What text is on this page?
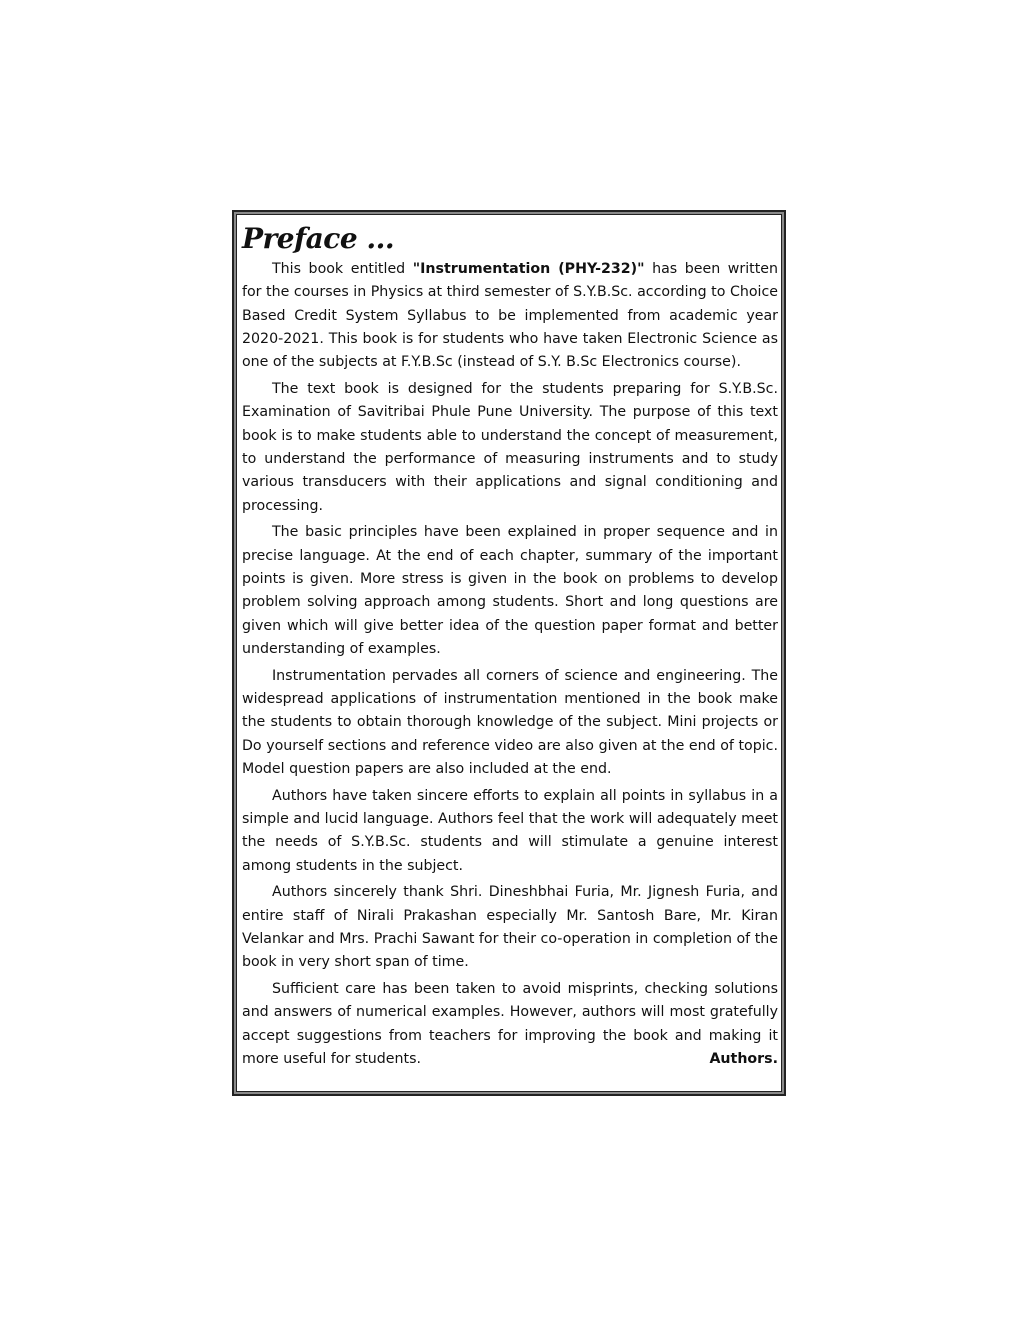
Preface ...

This book entitled "Instrumentation (PHY-232)" has been written for the courses in Physics at third semester of S.Y.B.Sc. according to Choice Based Credit System Syllabus to be implemented from academic year 2020-2021. This book is for students who have taken Electronic Science as one of the subjects at F.Y.B.Sc (instead of S.Y. B.Sc Electronics course).

The text book is designed for the students preparing for S.Y.B.Sc. Examination of Savitribai Phule Pune University. The purpose of this text book is to make students able to understand the concept of measurement, to understand the performance of measuring instruments and to study various transducers with their applications and signal conditioning and processing.

The basic principles have been explained in proper sequence and in precise language. At the end of each chapter, summary of the important points is given. More stress is given in the book on problems to develop problem solving approach among students. Short and long questions are given which will give better idea of the question paper format and better understanding of examples.

Instrumentation pervades all corners of science and engineering. The widespread applications of instrumentation mentioned in the book make the students to obtain thorough knowledge of the subject. Mini projects or Do yourself sections and reference video are also given at the end of topic. Model question papers are also included at the end.

Authors have taken sincere efforts to explain all points in syllabus in a simple and lucid language. Authors feel that the work will adequately meet the needs of S.Y.B.Sc. students and will stimulate a genuine interest among students in the subject.

Authors sincerely thank Shri. Dineshbhai Furia, Mr. Jignesh Furia, and entire staff of Nirali Prakashan especially Mr. Santosh Bare, Mr. Kiran Velankar and Mrs. Prachi Sawant for their co-operation in completion of the book in very short span of time.

Sufficient care has been taken to avoid misprints, checking solutions and answers of numerical examples. However, authors will most gratefully accept suggestions from teachers for improving the book and making it more useful for students.	Authors.
